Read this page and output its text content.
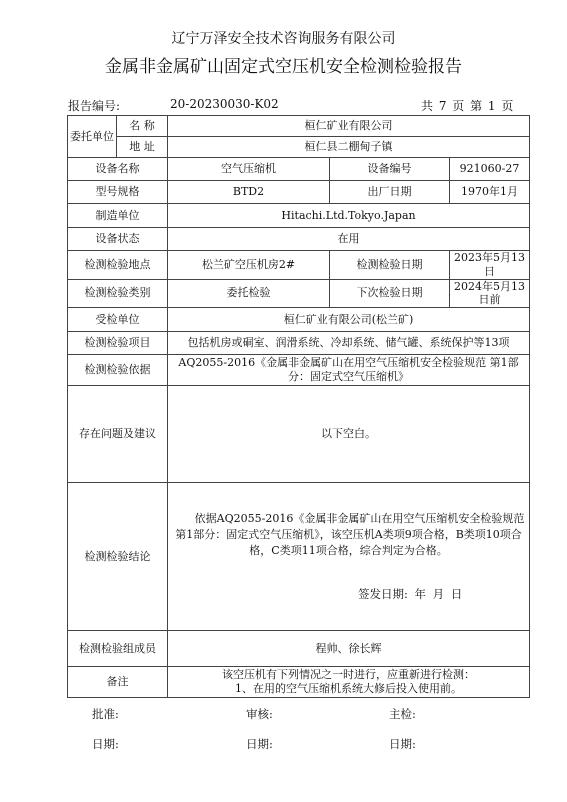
辽宁万泽安全技术咨询服务有限公司
金属非金属矿山固定式空压机安全检测检验报告
报告编号:	20-20230030-K02	共 7 页 第 1 页
委托单位	名 称	桓仁矿业有限公司		
	地 址	桓仁县二棚甸子镇		
设备名称		空气压缩机	设备编号	921060-27
型号规格		BTD2	出厂日期	1970年1月
制造单位		Hitachi.Ltd.Tokyo.Japan		
设备状态		在用		
检测检验地点		松兰矿空压机房2#	检测检验日期	2023年5月13日
检测检验类别		委托检验	下次检验日期	2024年5月13日前
受检单位		桓仁矿业有限公司(松兰矿)		
检测检验项目		包括机房或硐室、润滑系统、冷却系统、储气罐、系统保护等13项		
检测检验依据		AQ2055-2016《金属非金属矿山在用空气压缩机安全检验规范 第1部分：固定式空气压缩机》		
存在问题及建议		以下空白。		
检测检验结论		依据AQ2055-2016《金属非金属矿山在用空气压缩机安全检验规范第1部分：固定式空气压缩机》，该空压机A类项9项合格，B类项10项合格，C类项11项合格，综合判定为合格。
签发日期: 年 月 日		

检测检验组成员		程帅、徐长辉		
备注		该空压机有下列情况之一时进行，应重新进行检测：
1、在用的空气压缩机系统大修后投入使用前。		
批准:	审核:	主检:
日期:	日期:	日期:
